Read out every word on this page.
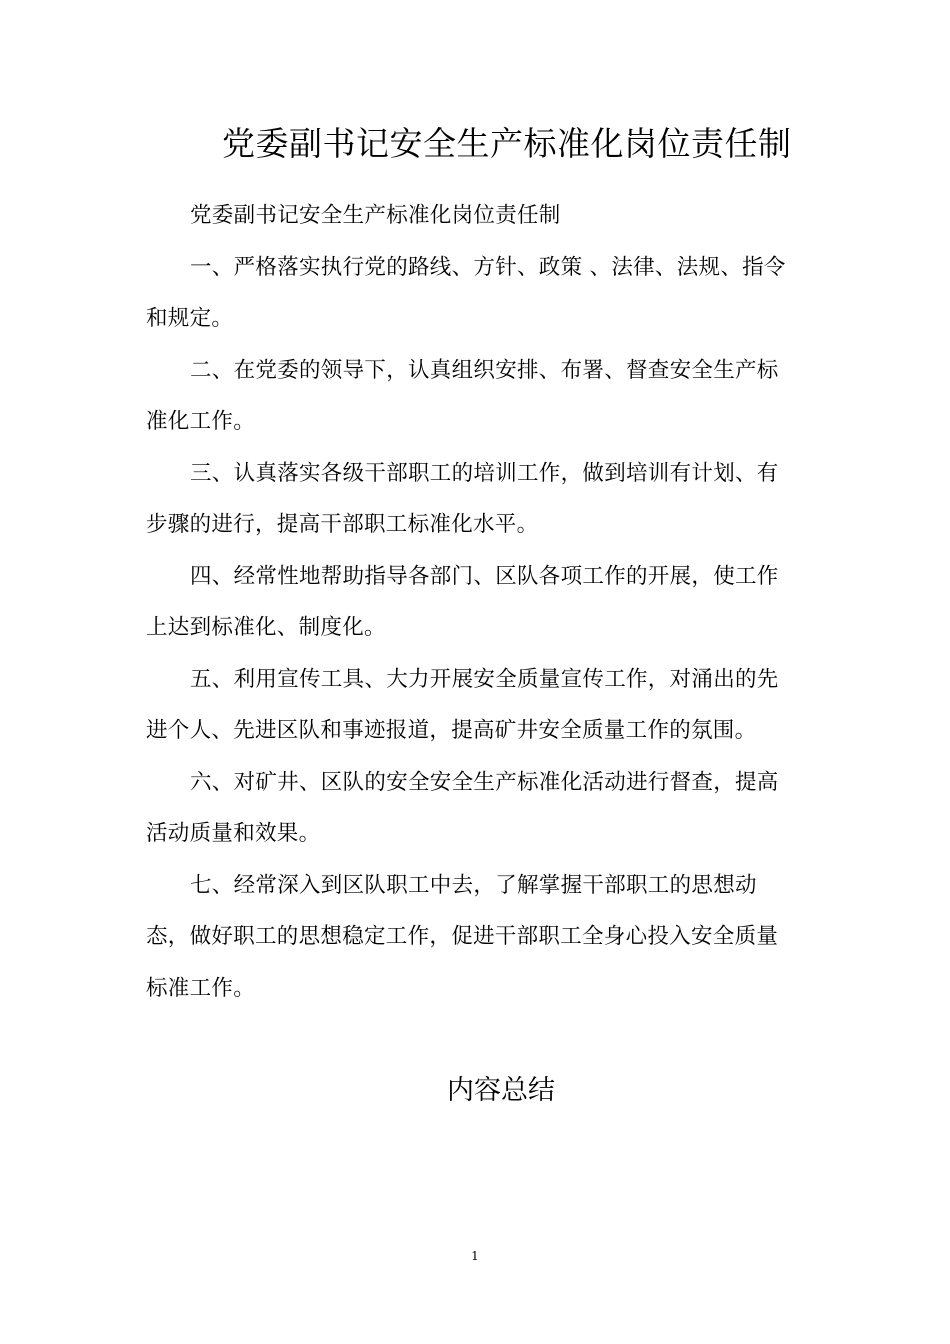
党委副书记安全生产标准化岗位责任制

党委副书记安全生产标准化岗位责任制

一、严格落实执行党的路线、方针、政策 、法律、法规、指令和规定。

二、在党委的领导下，认真组织安排、布署、督查安全生产标准化工作。

三、认真落实各级干部职工的培训工作，做到培训有计划、有步骤的进行，提高干部职工标准化水平。

四、经常性地帮助指导各部门、区队各项工作的开展，使工作上达到标准化、制度化。

五、利用宣传工具、大力开展安全质量宣传工作，对涌出的先进个人、先进区队和事迹报道，提高矿井安全质量工作的氛围。

六、对矿井、区队的安全安全生产标准化活动进行督查，提高活动质量和效果。

七、经常深入到区队职工中去，了解掌握干部职工的思想动态，做好职工的思想稳定工作，促进干部职工全身心投入安全质量标准工作。

内容总结
1
